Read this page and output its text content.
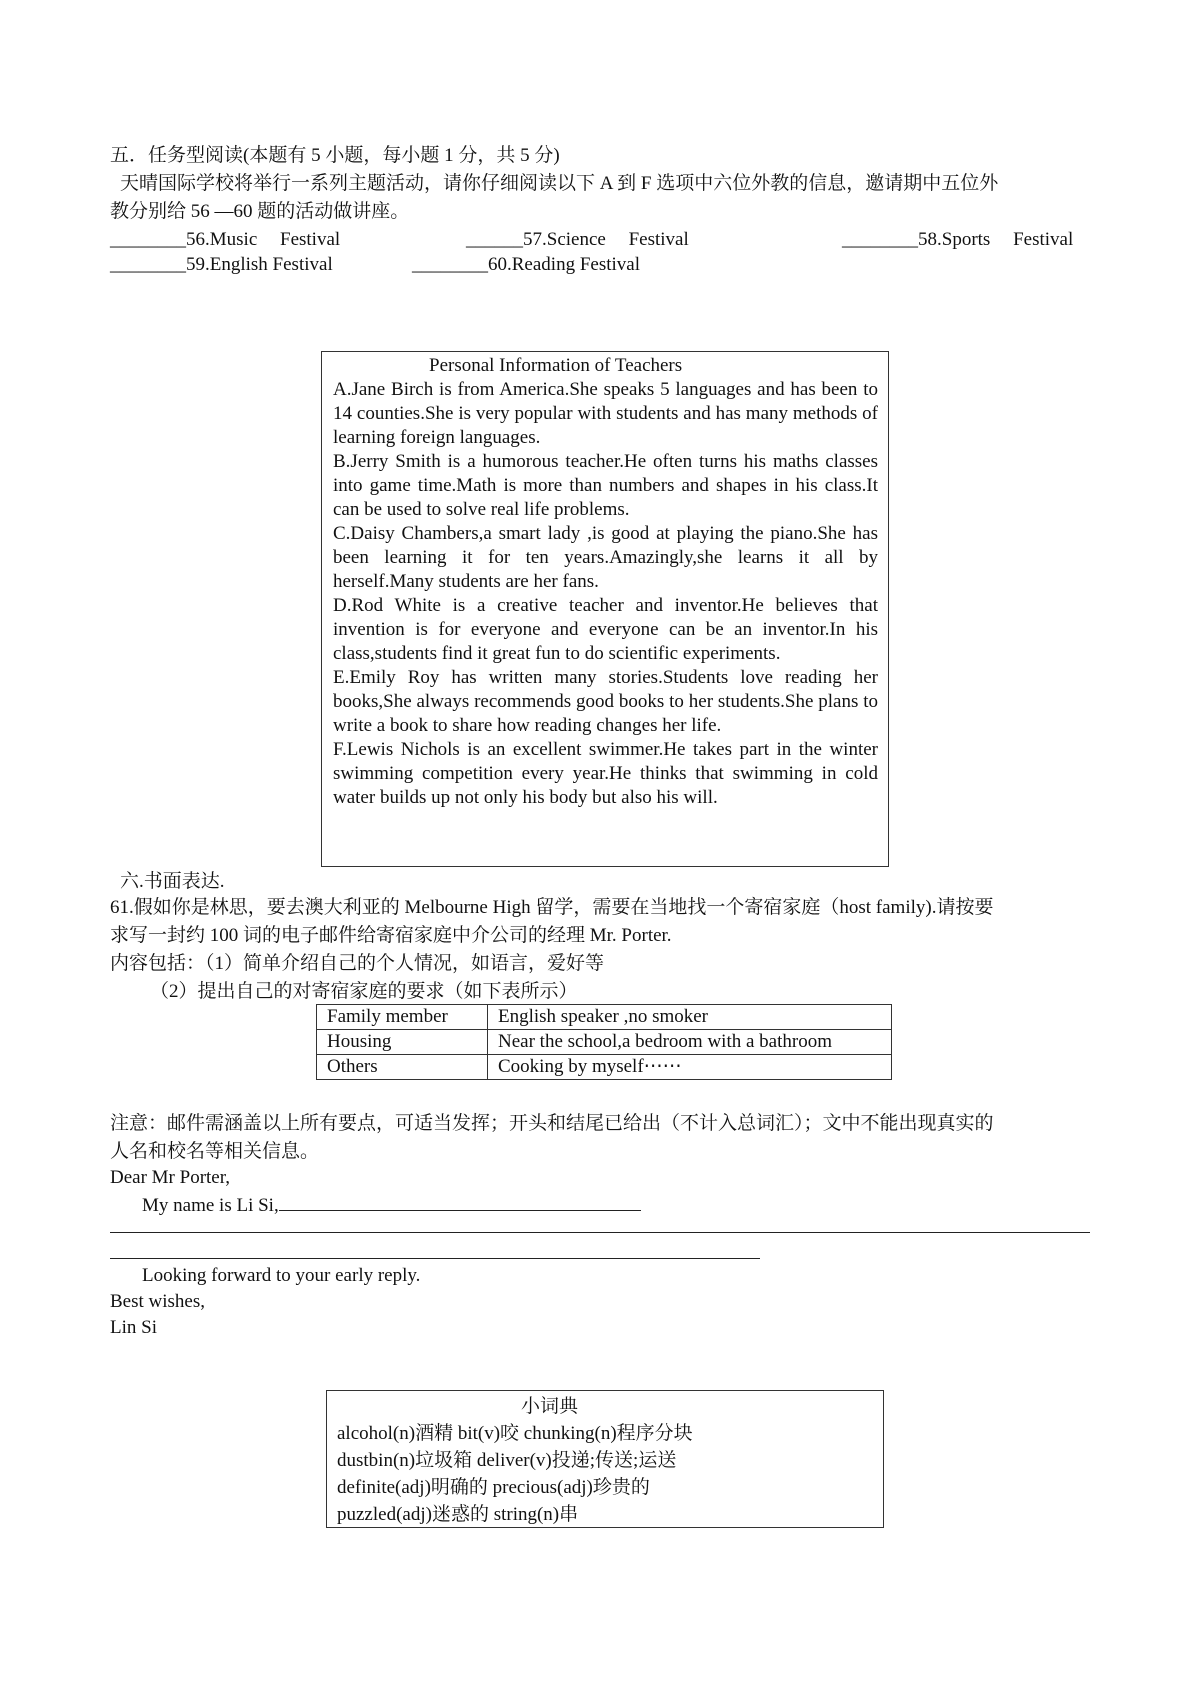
五．任务型阅读(本题有 5 小题，每小题 1 分，共 5 分)
天晴国际学校将举行一系列主题活动，请你仔细阅读以下 A 到 F 选项中六位外教的信息，邀请期中五位外
教分别给 56 —60 题的活动做讲座。
________56.Music Festival	______57.Science Festival	________58.Sports Festival
________59.English Festival	________60.Reading Festival

Personal Information of Teachers

A.Jane Birch is from America.She speaks 5 languages and has been to 14 counties.She is very popular with students and has many methods of learning foreign languages.

B.Jerry Smith is a humorous teacher.He often turns his maths classes into game time.Math is more than numbers and shapes in his class.It can be used to solve real life problems.

C.Daisy Chambers,a smart lady ,is good at playing the piano.She has been learning it for ten years.Amazingly,she learns it all by herself.Many students are her fans.

D.Rod White is a creative teacher and inventor.He believes that invention is for everyone and everyone can be an inventor.In his class,students find it great fun to do scientific experiments.

E.Emily Roy has written many stories.Students love reading her books,She always recommends good books to her students.She plans to write a book to share how reading changes her life.

F.Lewis Nichols is an excellent swimmer.He takes part in the winter swimming competition every year.He thinks that swimming in cold water builds up not only his body but also his will.

六.书面表达.
61.假如你是林思，要去澳大利亚的 Melbourne High 留学，需要在当地找一个寄宿家庭（host family).请按要
求写一封约 100 词的电子邮件给寄宿家庭中介公司的经理 Mr. Porter.
内容包括：（1）简单介绍自己的个人情况，如语言，爱好等
（2）提出自己的对寄宿家庭的要求（如下表所示）
Family member	English speaker ,no smoker
Housing	Near the school,a bedroom with a bathroom
Others	Cooking by myself⋯⋯
注意：邮件需涵盖以上所有要点，可适当发挥；开头和结尾已给出（不计入总词汇）；文中不能出现真实的
人名和校名等相关信息。
Dear Mr Porter,
My name is Li Si,
Looking forward to your early reply.
Best wishes,
Lin Si

小词典

alcohol(n)酒精 bit(v)咬 chunking(n)程序分块

dustbin(n)垃圾箱 deliver(v)投递;传送;运送

definite(adj)明确的 precious(adj)珍贵的

puzzled(adj)迷惑的 string(n)串
